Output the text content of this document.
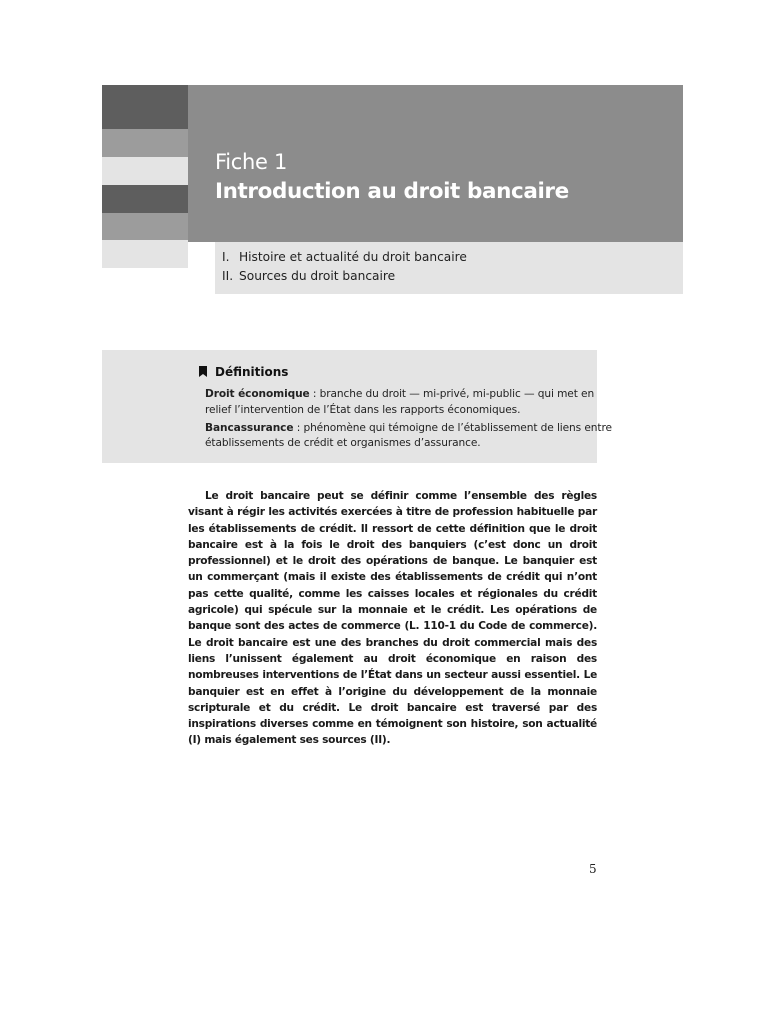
Fiche 1
Introduction au droit bancaire
I. Histoire et actualité du droit bancaire
II. Sources du droit bancaire
Définitions
Droit économique : branche du droit — mi-privé, mi-public — qui met en
relief l’intervention de l’État dans les rapports économiques.
Bancassurance : phénomène qui témoigne de l’établissement de liens entre
établissements de crédit et organismes d’assurance.

Le droit bancaire peut se définir comme l’ensemble des règles visant à régir les activités exercées à titre de profession habituelle par les établissements de crédit. Il ressort de cette définition que le droit bancaire est à la fois le droit des banquiers (c’est donc un droit professionnel) et le droit des opérations de banque. Le banquier est un commerçant (mais il existe des établissements de crédit qui n’ont pas cette qualité, comme les caisses locales et régionales du crédit agricole) qui spécule sur la monnaie et le crédit. Les opérations de banque sont des actes de commerce (L. 110-1 du Code de commerce). Le droit bancaire est une des branches du droit commercial mais des liens l’unissent également au droit économique en raison des nombreuses interventions de l’État dans un secteur aussi essentiel. Le banquier est en effet à l’origine du développement de la monnaie scripturale et du crédit. Le droit bancaire est traversé par des inspirations diverses comme en témoignent son histoire, son actualité (I) mais également ses sources (II).

5
